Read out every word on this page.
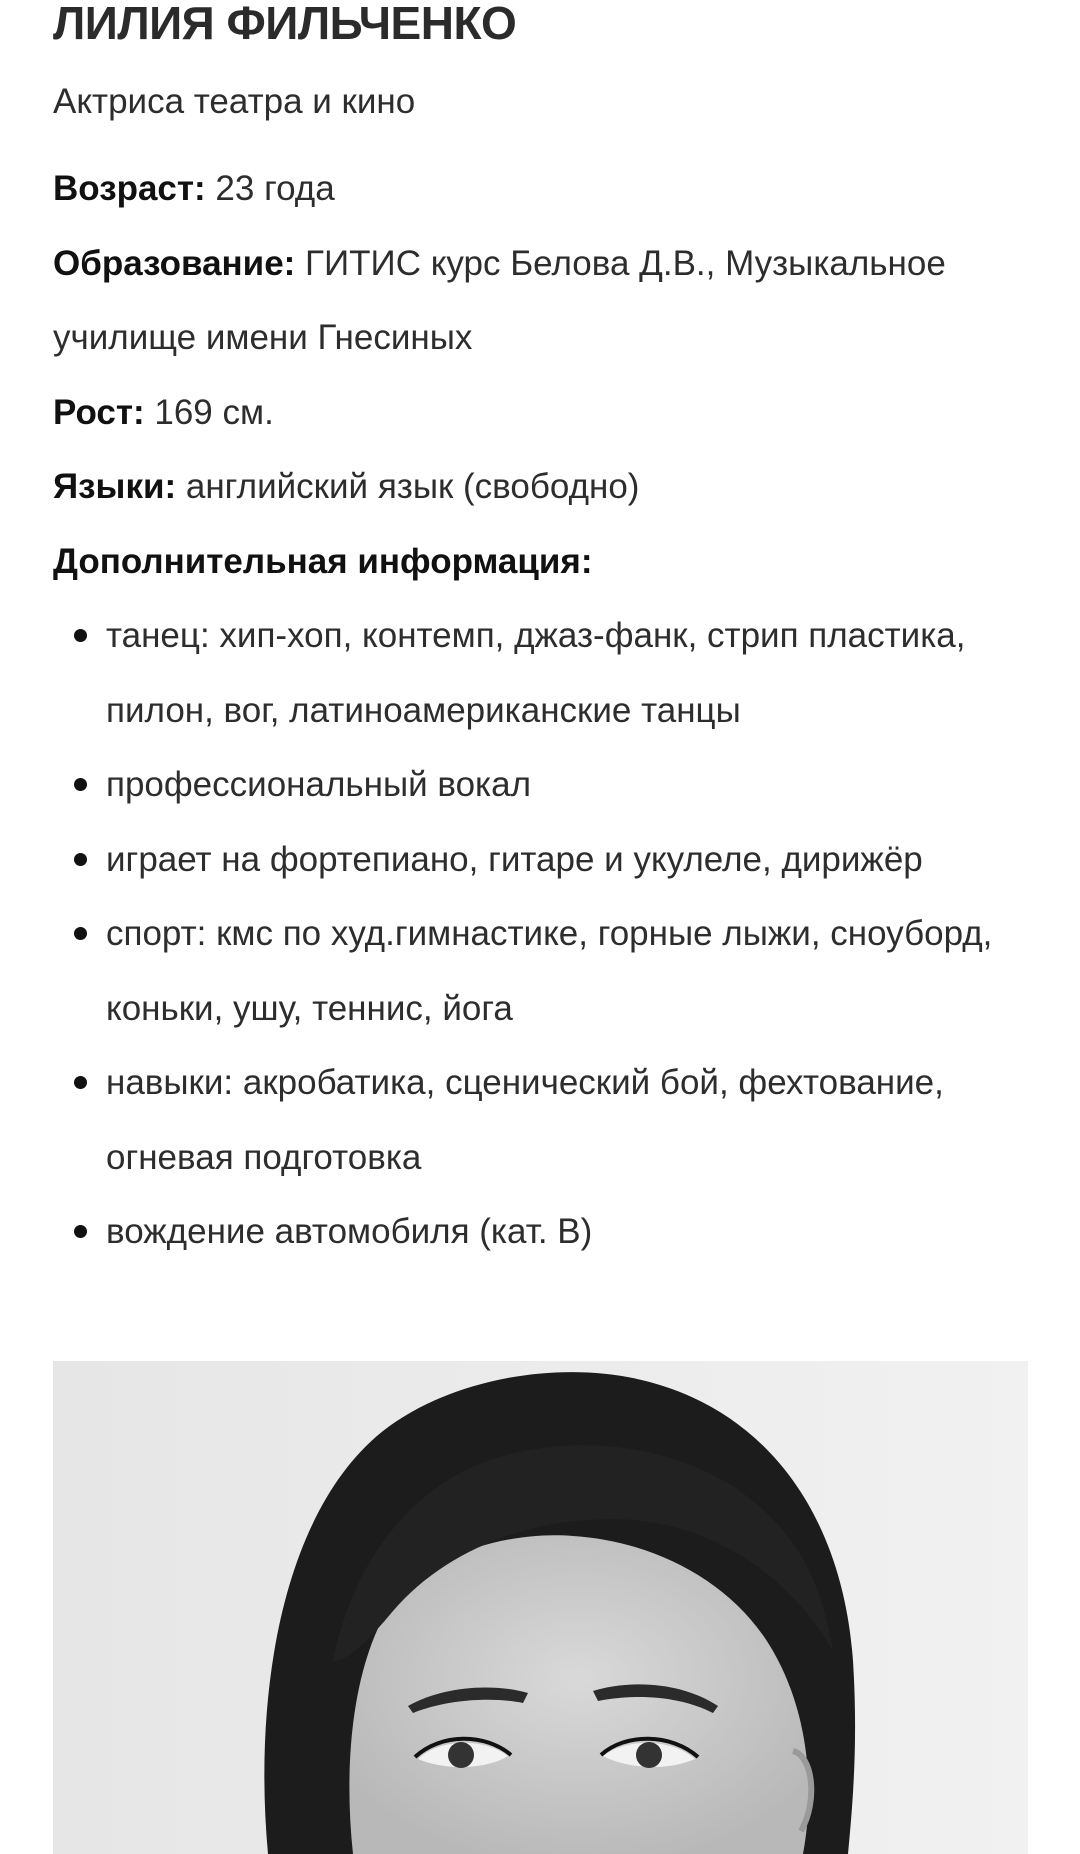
ЛИЛИЯ ФИЛЬЧЕНКО

Актриса театра и кино

Возраст: 23 года

Образование: ГИТИС курс Белова Д.В., Музыкальное училище имени Гнесиных

Рост: 169 см.

Языки: английский язык (свободно)

Дополнительная информация:

танец: хип-хоп, контемп, джаз-фанк, стрип пластика, пилон, вог, латиноамериканские танцы
профессиональный вокал
играет на фортепиано, гитаре и укулеле, дирижёр
спорт: кмс по худ.гимнастике, горные лыжи, сноуборд, коньки, ушу, теннис, йога
навыки: акробатика, сценический бой, фехтование, огневая подготовка
вождение автомобиля (кат. B)
